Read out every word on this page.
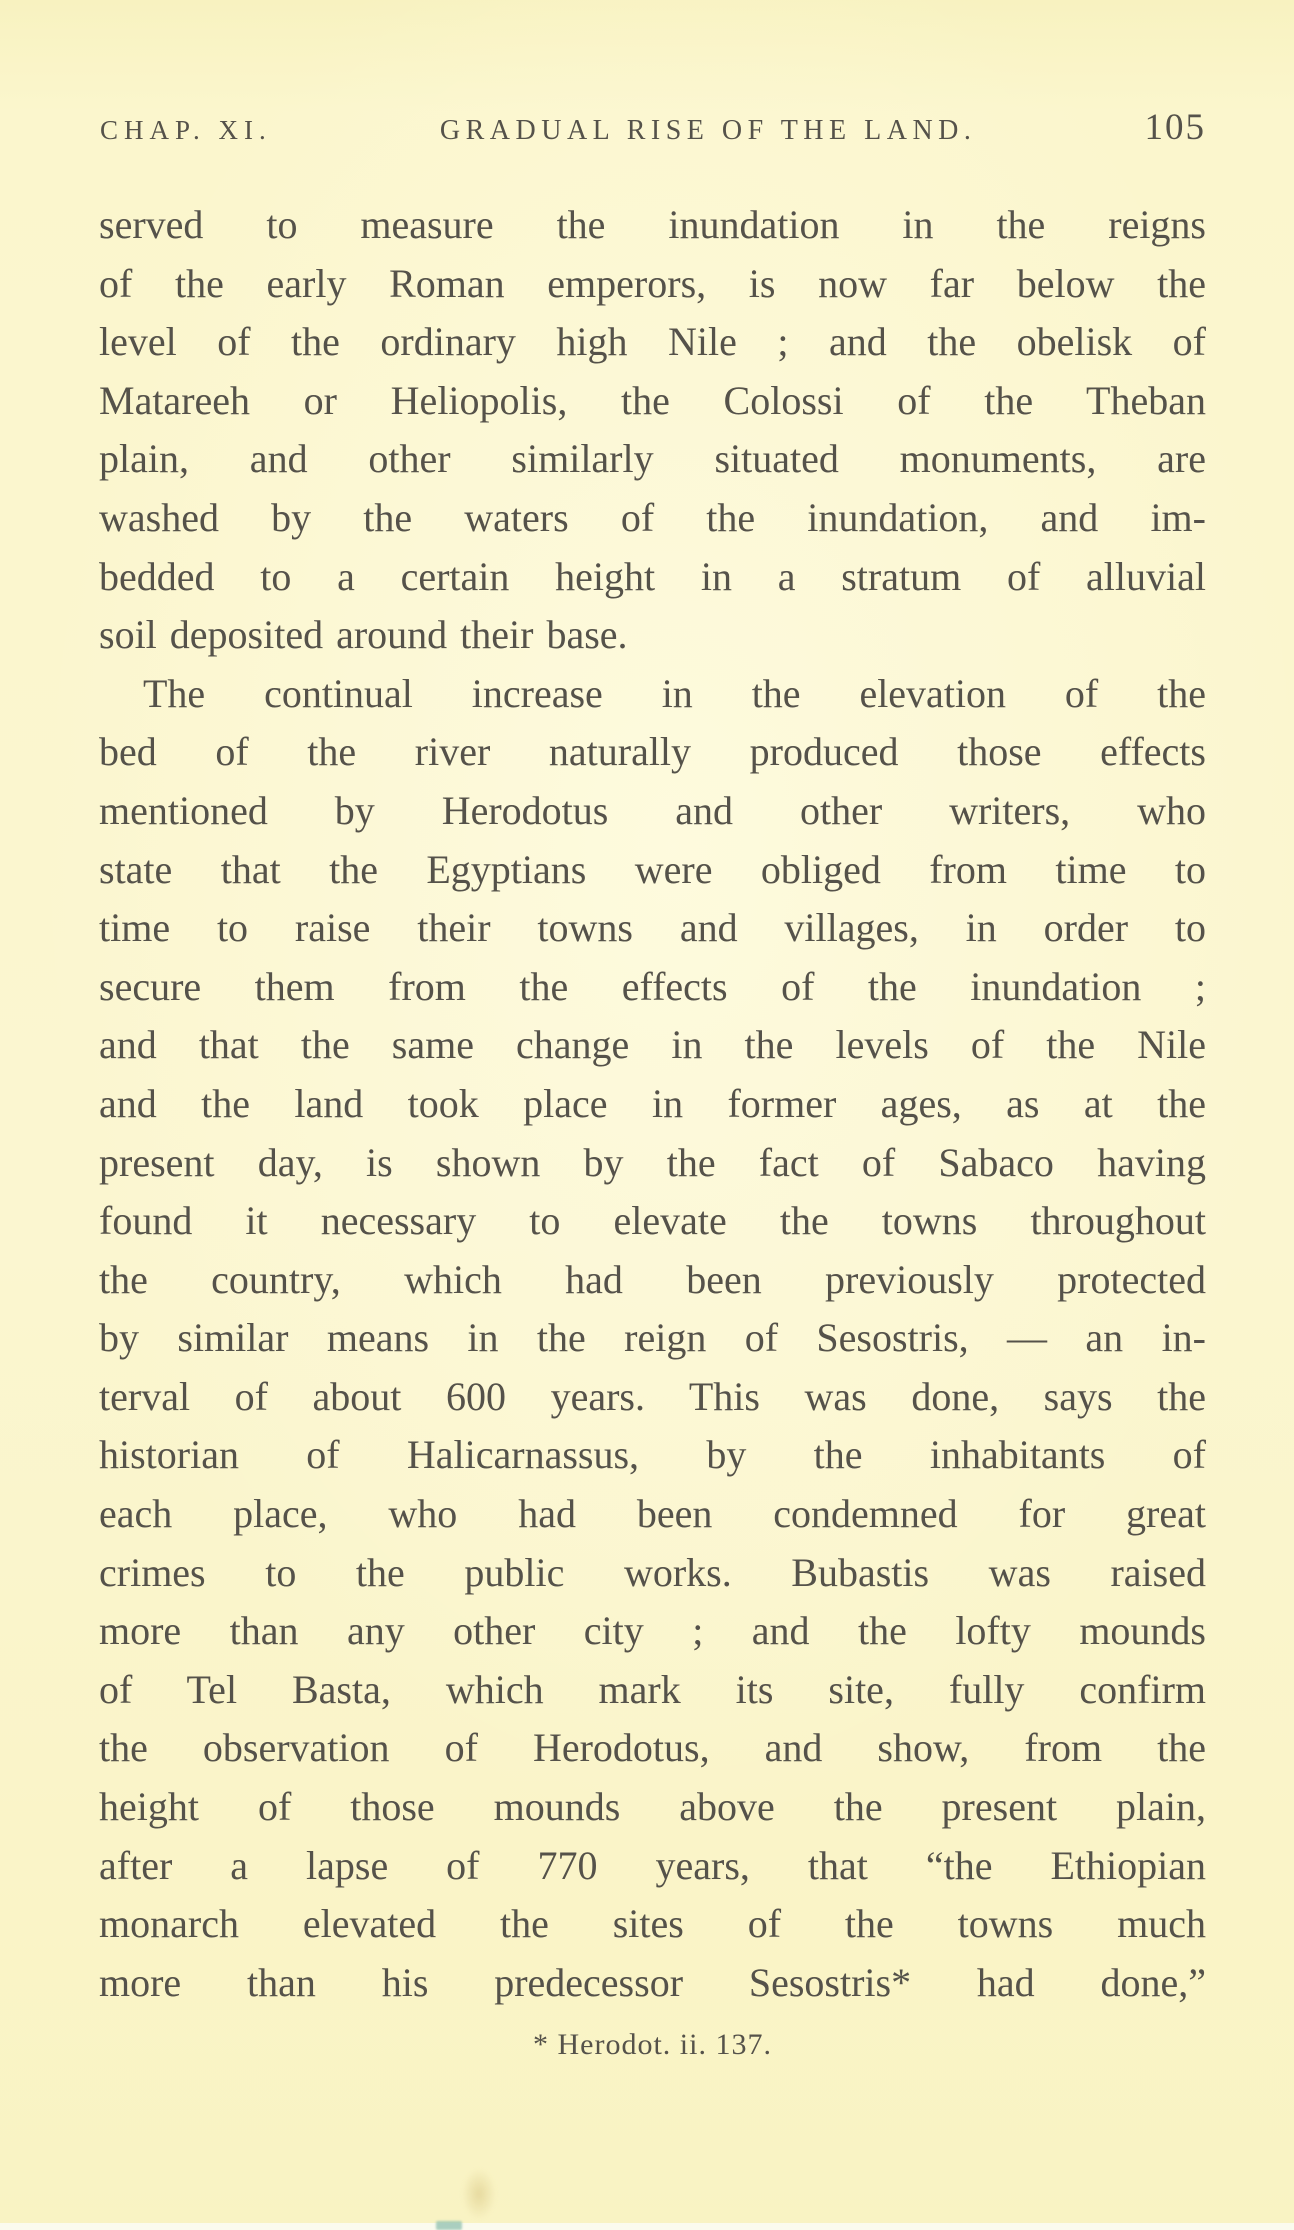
CHAP. XI.	GRADUAL RISE OF THE LAND.	105
served to measure the inundation in the reigns
of the early Roman emperors, is now far below the
level of the ordinary high Nile ; and the obelisk of
Matareeh or Heliopolis, the Colossi of the Theban
plain, and other similarly situated monuments, are
washed by the waters of the inundation, and im-
bedded to a certain height in a stratum of alluvial
soil deposited around their base.
The continual increase in the elevation of the
bed of the river naturally produced those effects
mentioned by Herodotus and other writers, who
state that the Egyptians were obliged from time to
time to raise their towns and villages, in order to
secure them from the effects of the inundation ;
and that the same change in the levels of the Nile
and the land took place in former ages, as at the
present day, is shown by the fact of Sabaco having
found it necessary to elevate the towns throughout
the country, which had been previously protected
by similar means in the reign of Sesostris, — an in-
terval of about 600 years. This was done, says the
historian of Halicarnassus, by the inhabitants of
each place, who had been condemned for great
crimes to the public works. Bubastis was raised
more than any other city ; and the lofty mounds
of Tel Basta, which mark its site, fully confirm
the observation of Herodotus, and show, from the
height of those mounds above the present plain,
after a lapse of 770 years, that “the Ethiopian
monarch elevated the sites of the towns much
more than his predecessor Sesostris* had done,”
* Herodot. ii. 137.
